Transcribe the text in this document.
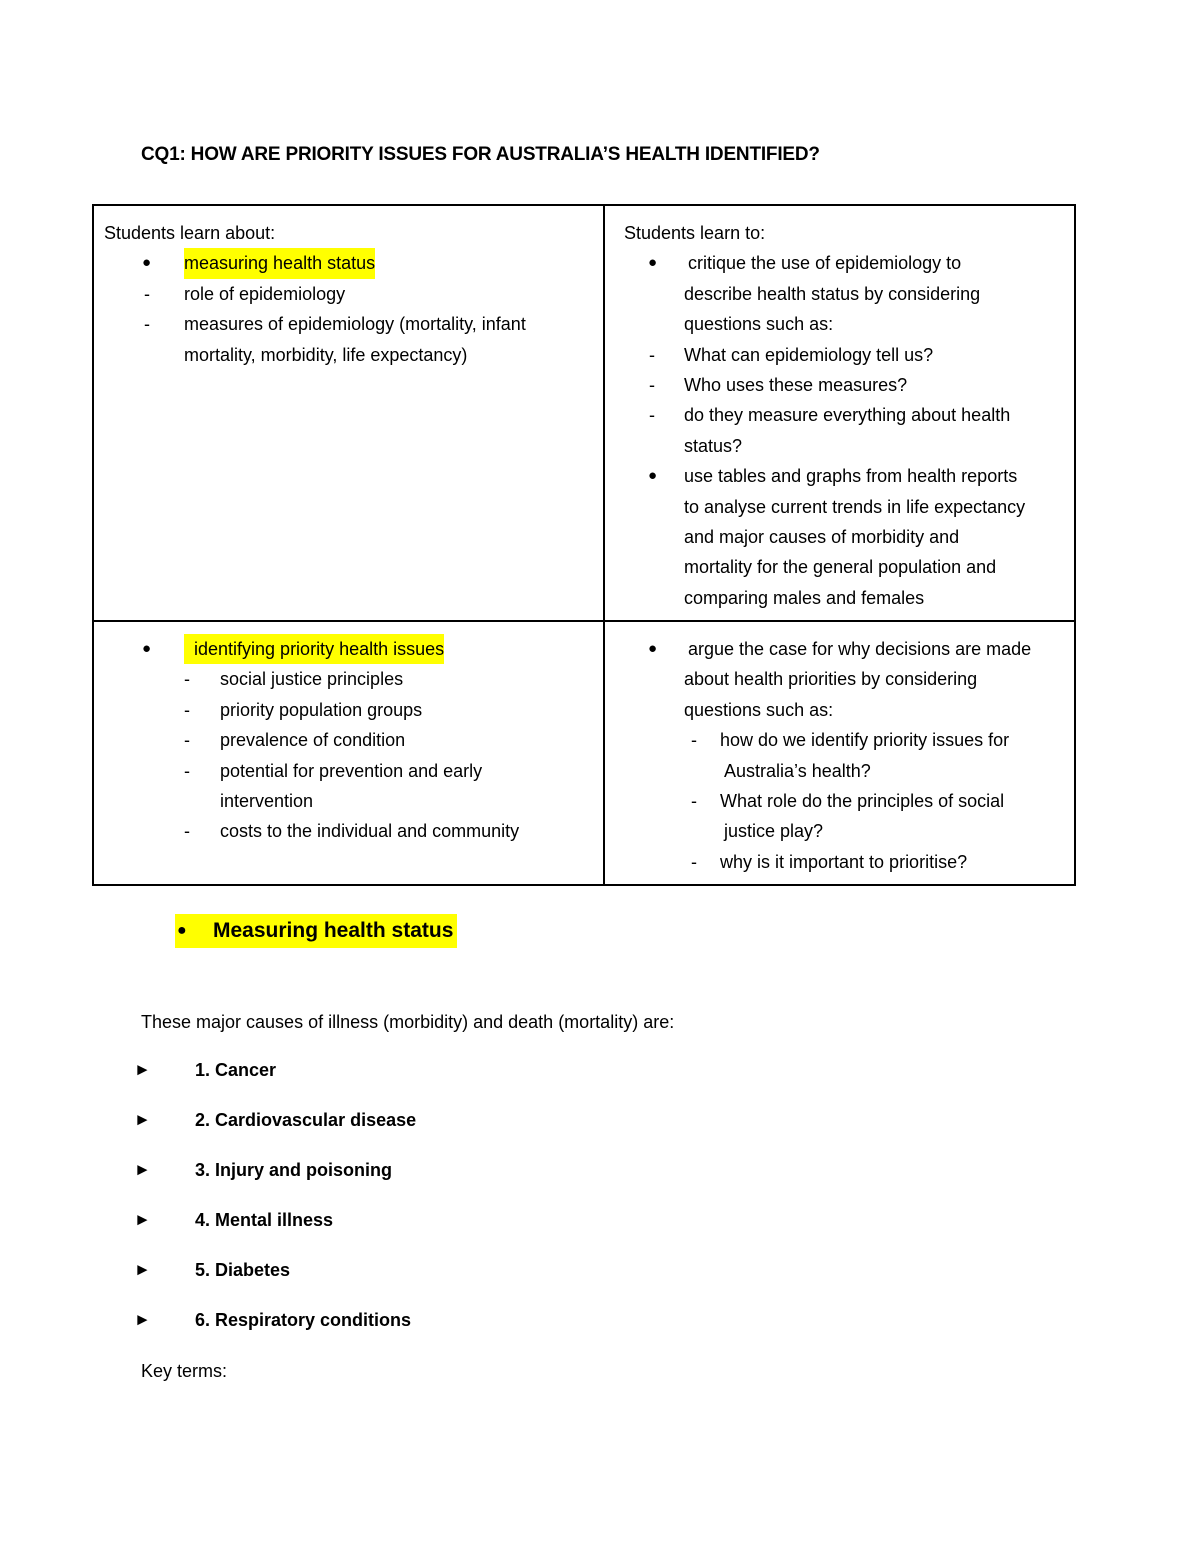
CQ1: HOW ARE PRIORITY ISSUES FOR AUSTRALIA’S HEALTH IDENTIFIED?
Students learn about:
● measuring health status
- role of epidemiology
- measures of epidemiology (mortality, infant
mortality, morbidity, life expectancy)
Students learn to:
● critique the use of epidemiology to
describe health status by considering
questions such as:
- What can epidemiology tell us?
- Who uses these measures?
- do they measure everything about health
status?
● use tables and graphs from health reports
to analyse current trends in life expectancy
and major causes of morbidity and
mortality for the general population and
comparing males and females
●	identifying priority health issues
- social justice principles
- priority population groups
- prevalence of condition
- potential for prevention and early
intervention
- costs to the individual and community
● argue the case for why decisions are made
about health priorities by considering
questions such as:
- how do we identify priority issues for
Australia’s health?
- What role do the principles of social
justice play?
- why is it important to prioritise?
● Measuring health status
These major causes of illness (morbidity) and death (mortality) are:
► 1. Cancer
► 2. Cardiovascular disease
► 3. Injury and poisoning
► 4. Mental illness
► 5. Diabetes
► 6. Respiratory conditions
Key terms:
